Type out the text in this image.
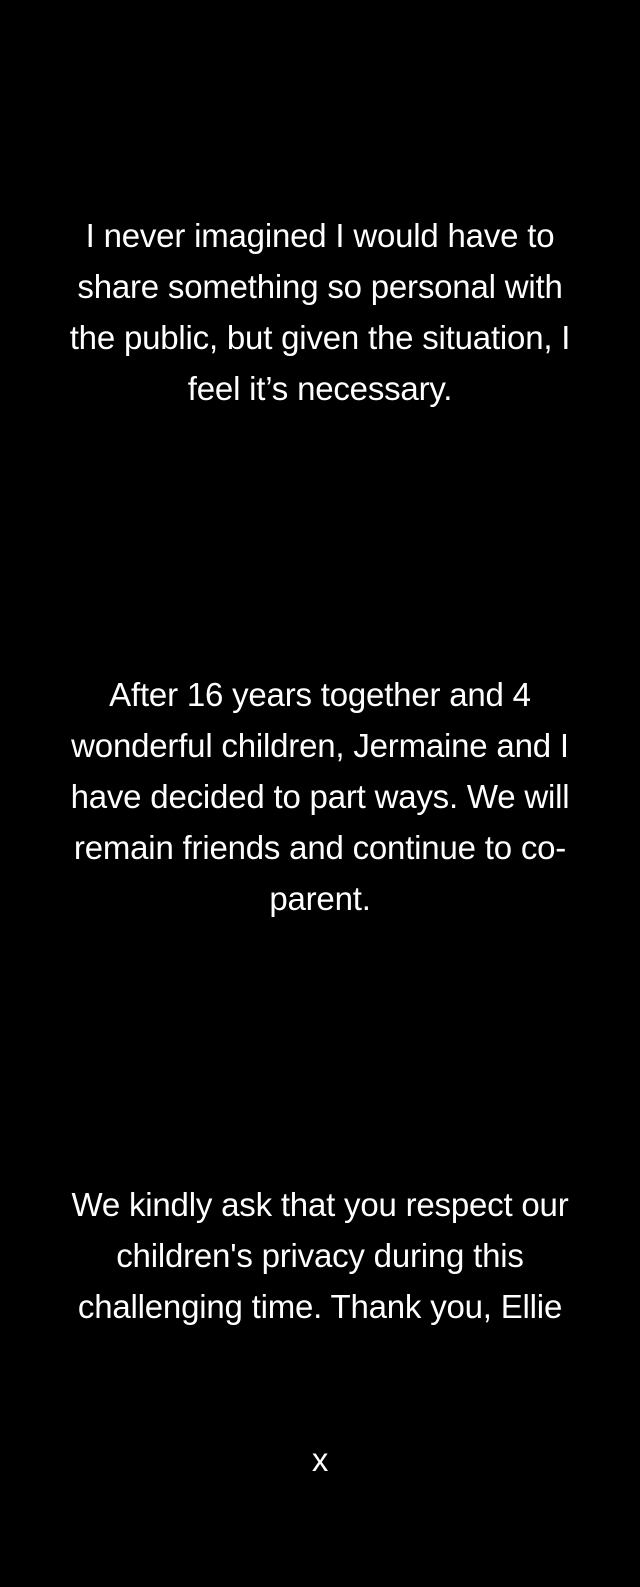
I never imagined I would have to share something so personal with the public, but given the situation, I feel it’s necessary.

After 16 years together and 4 wonderful children, Jermaine and I have decided to part ways. We will remain friends and continue to co-parent.

We kindly ask that you respect our children's privacy during this challenging time. Thank you, Ellie

x
